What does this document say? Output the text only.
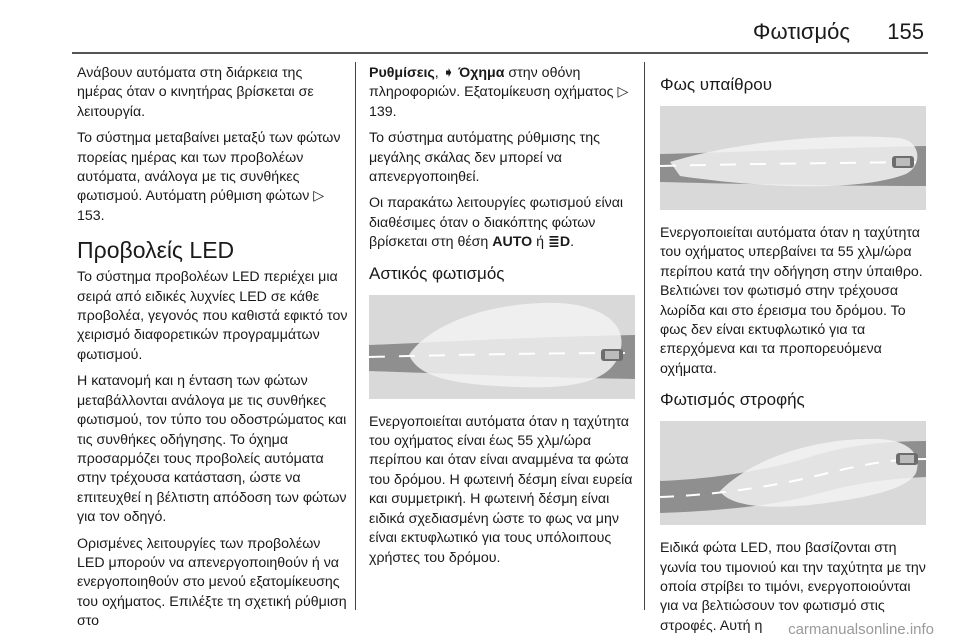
Φωτισμός 155

Ανάβουν αυτόματα στη διάρκεια της ημέρας όταν ο κινητήρας βρίσκεται σε λειτουργία.

Το σύστημα μεταβαίνει μεταξύ των φώτων πορείας ημέρας και των προβολέων αυτόματα, ανάλογα με τις συνθήκες φωτισμού. Αυτόματη ρύθμιση φώτων ▷ 153.

Προβολείς LED

Το σύστημα προβολέων LED περιέχει μια σειρά από ειδικές λυχνίες LED σε κάθε προβολέα, γεγονός που καθιστά εφικτό τον χειρισμό διαφορετικών προγραμμάτων φωτισμού.

Η κατανομή και η ένταση των φώτων μεταβάλλονται ανάλογα με τις συνθήκες φωτισμού, τον τύπο του οδοστρώματος και τις συνθήκες οδήγησης. Το όχημα προσαρμόζει τους προβολείς αυτόματα στην τρέχουσα κατάσταση, ώστε να επιτευχθεί η βέλτιστη απόδοση των φώτων για τον οδηγό.

Ορισμένες λειτουργίες των προβολέων LED μπορούν να απενεργοποιηθούν ή να ενεργοποιηθούν στο μενού εξατομίκευσης του οχήματος. Επιλέξτε τη σχετική ρύθμιση στο

Ρυθμίσεις, ➧ Όχημα στην οθόνη πληροφοριών. Εξατομίκευση οχήματος ▷ 139.

Το σύστημα αυτόματης ρύθμισης της μεγάλης σκάλας δεν μπορεί να απενεργοποιηθεί.

Οι παρακάτω λειτουργίες φωτισμού είναι διαθέσιμες όταν ο διακόπτης φώτων βρίσκεται στη θέση AUTO ή ≣D.

Αστικός φωτισμός

Ενεργοποιείται αυτόματα όταν η ταχύτητα του οχήματος είναι έως 55 χλμ/ώρα περίπου και όταν είναι αναμμένα τα φώτα του δρόμου. Η φωτεινή δέσμη είναι ευρεία και συμμετρική. Η φωτεινή δέσμη είναι ειδικά σχεδιασμένη ώστε το φως να μην είναι εκτυφλωτικό για τους υπόλοιπους χρήστες του δρόμου.

Φως υπαίθρου

Ενεργοποιείται αυτόματα όταν η ταχύτητα του οχήματος υπερβαίνει τα 55 χλμ/ώρα περίπου κατά την οδήγηση στην ύπαιθρο. Βελτιώνει τον φωτισμό στην τρέχουσα λωρίδα και στο έρεισμα του δρόμου. Το φως δεν είναι εκτυφλωτικό για τα επερχόμενα και τα προπορευόμενα οχήματα.

Φωτισμός στροφής

Ειδικά φώτα LED, που βασίζονται στη γωνία του τιμονιού και την ταχύτητα με την οποία στρίβει το τιμόνι, ενεργοποιούνται για να βελτιώσουν τον φωτισμό στις στροφές. Αυτή η	carmanualsonline.info
